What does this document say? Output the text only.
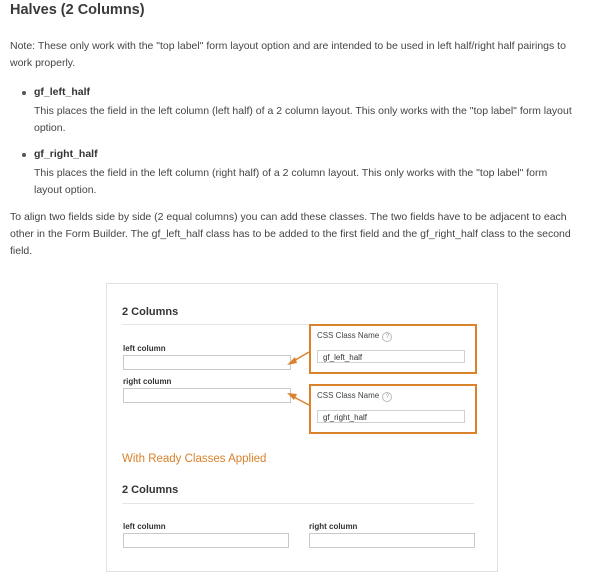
Halves (2 Columns)

Note: These only work with the "top label" form layout option and are intended to be used in left half/right half pairings to work properly.

gf_left_half
This places the field in the left column (left half) of a 2 column layout. This only works with the "top label" form layout option.
gf_right_half
This places the field in the left column (right half) of a 2 column layout. This only works with the "top label" form layout option.

To align two fields side by side (2 equal columns) you can add these classes. The two fields have to be adjacent to each other in the Form Builder. The gf_left_half class has to be added to the first field and the gf_right_half class to the second field.

2 Columns
left column
right column
CSS Class Name ?
gf_left_half
CSS Class Name ?
gf_right_half
With Ready Classes Applied
2 Columns
left column	right column
